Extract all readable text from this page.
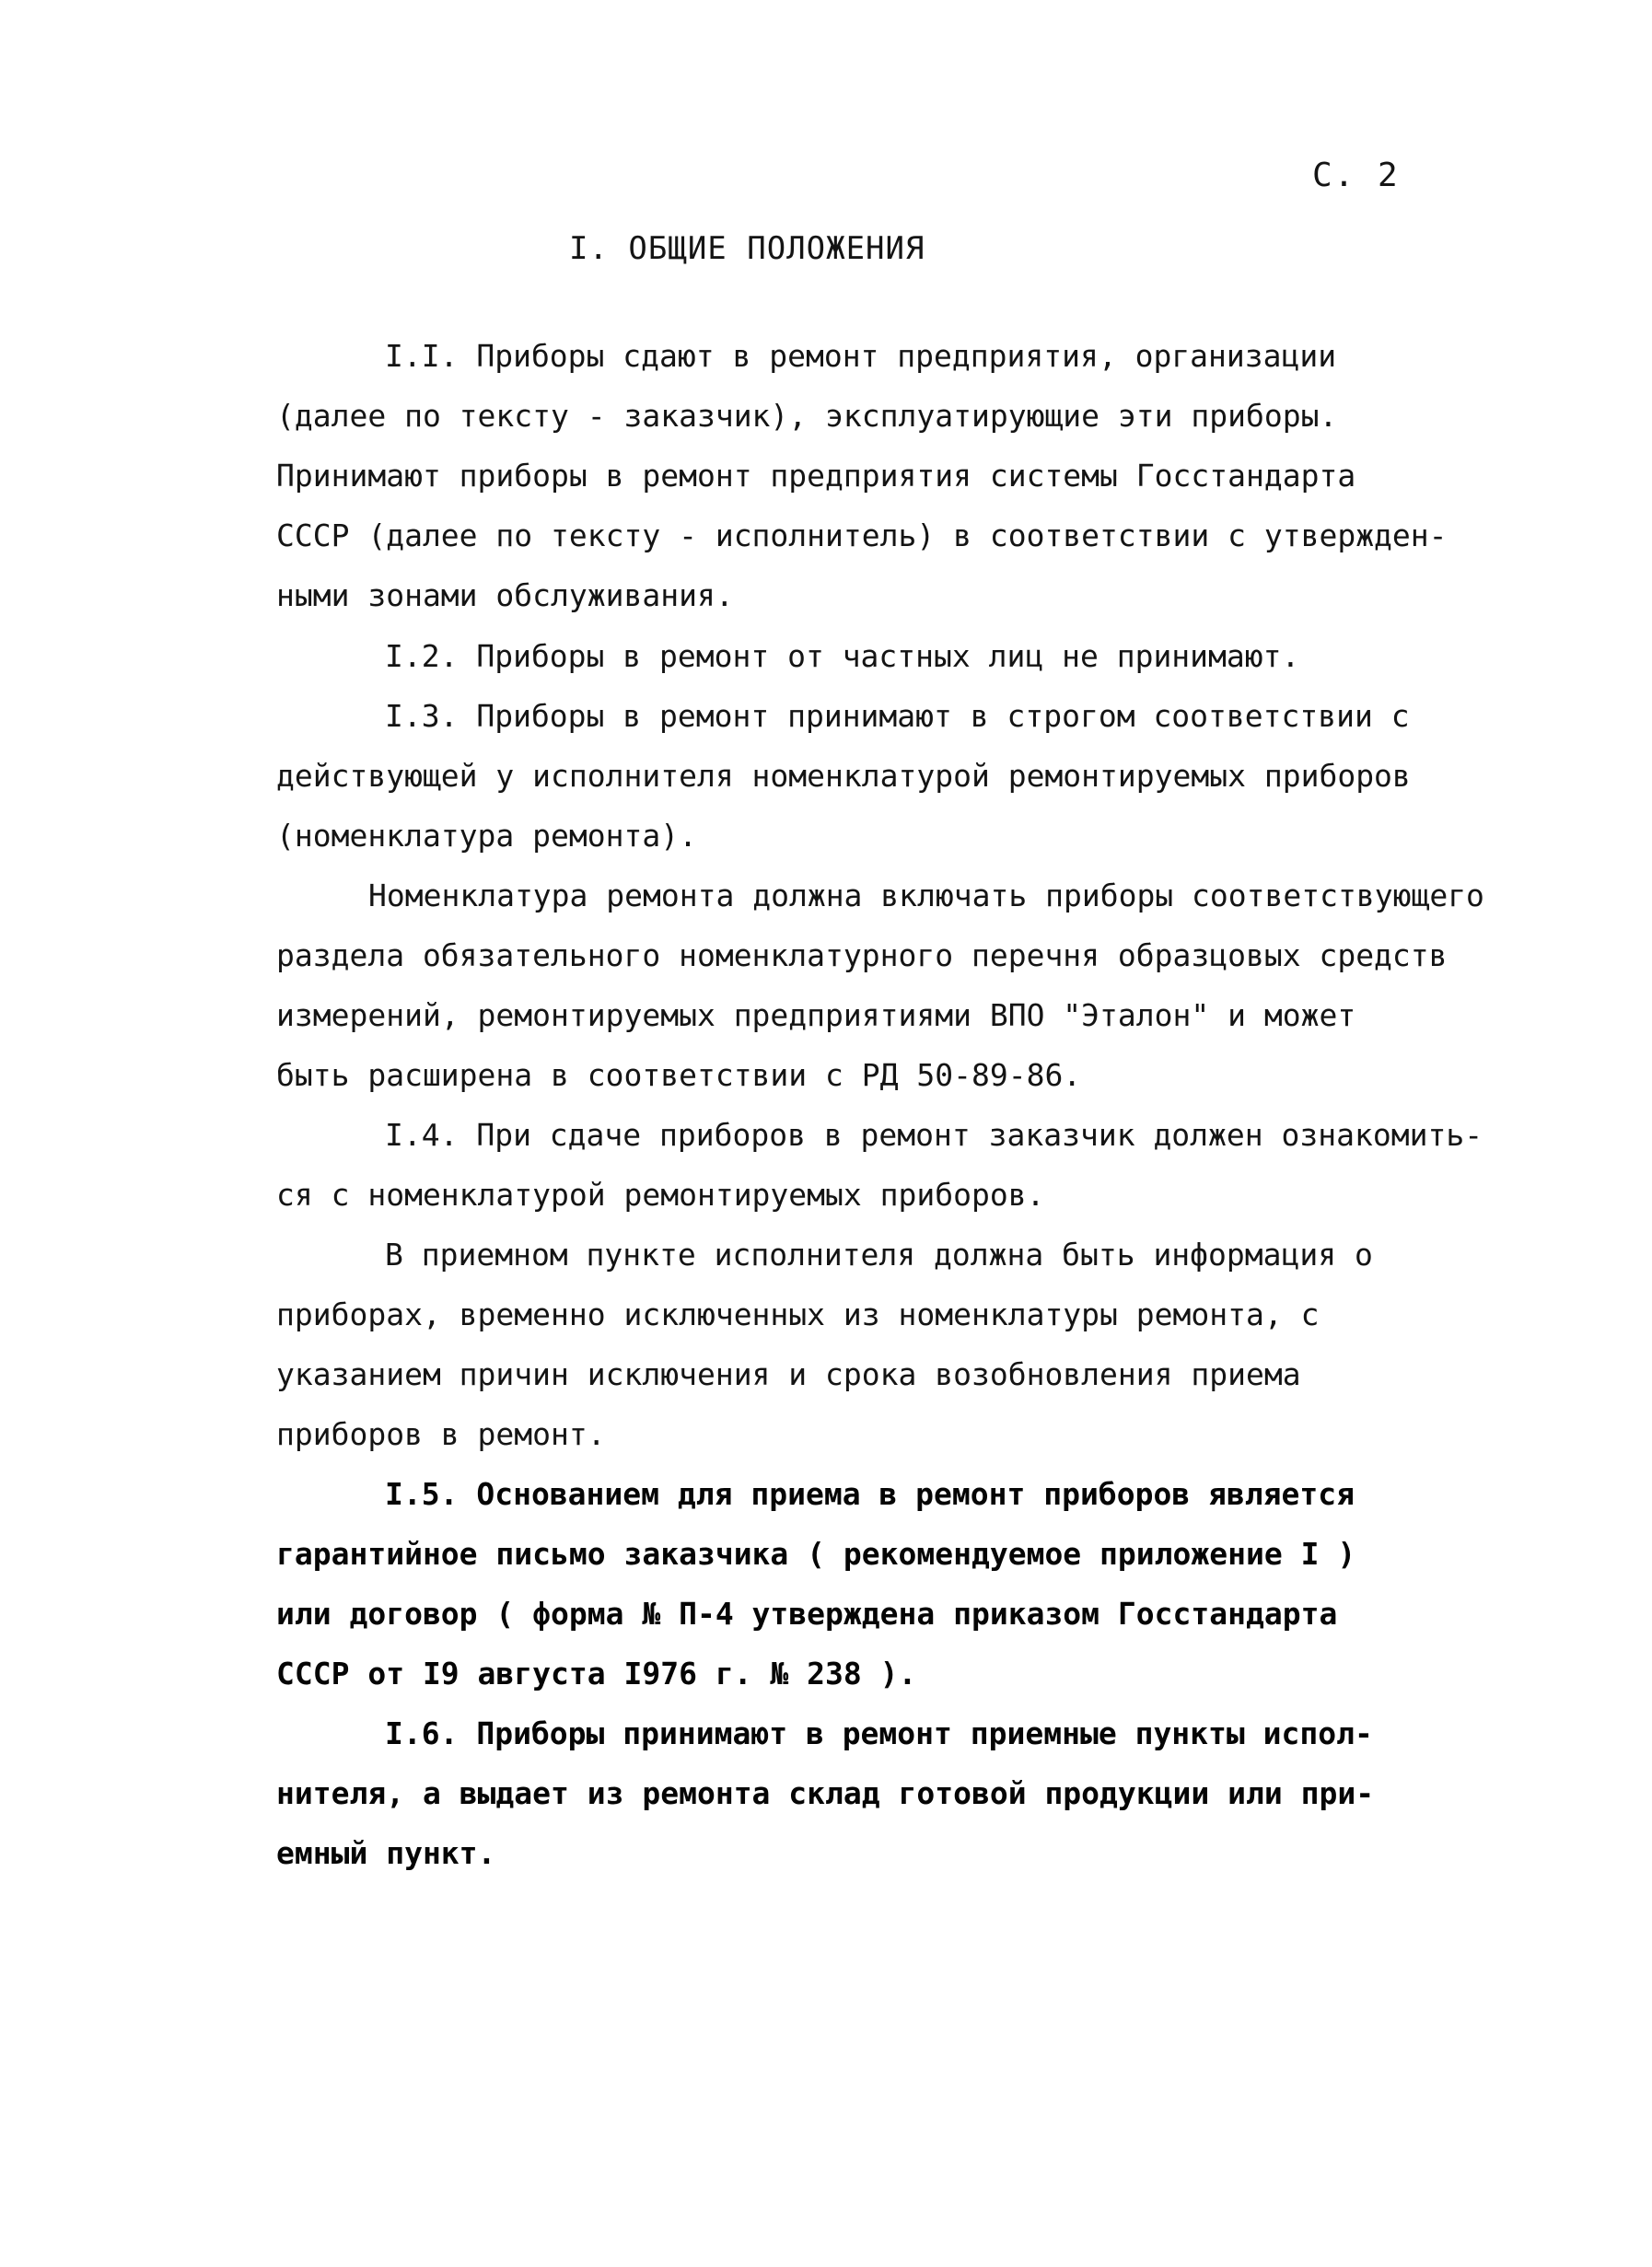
С. 2
I. ОБЩИЕ ПОЛОЖЕНИЯ
I.I. Приборы сдают в ремонт предприятия, организации
(далее по тексту - заказчик), эксплуатирующие эти приборы.
Принимают приборы в ремонт предприятия системы Госстандарта
СССР (далее по тексту - исполнитель) в соответствии с утвержден-
ными зонами обслуживания.
I.2. Приборы в ремонт от частных лиц не принимают.
I.3. Приборы в ремонт принимают в строгом соответствии с
действующей у исполнителя номенклатурой ремонтируемых приборов
(номенклатура ремонта).
Номенклатура ремонта должна включать приборы соответствующего
раздела обязательного номенклатурного перечня образцовых средств
измерений, ремонтируемых предприятиями ВПО "Эталон" и может
быть расширена в соответствии с РД 50-89-86.
I.4. При сдаче приборов в ремонт заказчик должен ознакомить-
ся с номенклатурой ремонтируемых приборов.
В приемном пункте исполнителя должна быть информация о
приборах, временно исключенных из номенклатуры ремонта, с
указанием причин исключения и срока возобновления приема
приборов в ремонт.
I.5. Основанием для приема в ремонт приборов является
гарантийное письмо заказчика ( рекомендуемое приложение I )
или договор ( форма № П-4 утверждена приказом Госстандарта
СССР от I9 августа I976 г. № 238 ).
I.6. Приборы принимают в ремонт приемные пункты испол-
нителя, а выдает из ремонта склад готовой продукции или при-
емный пункт.
